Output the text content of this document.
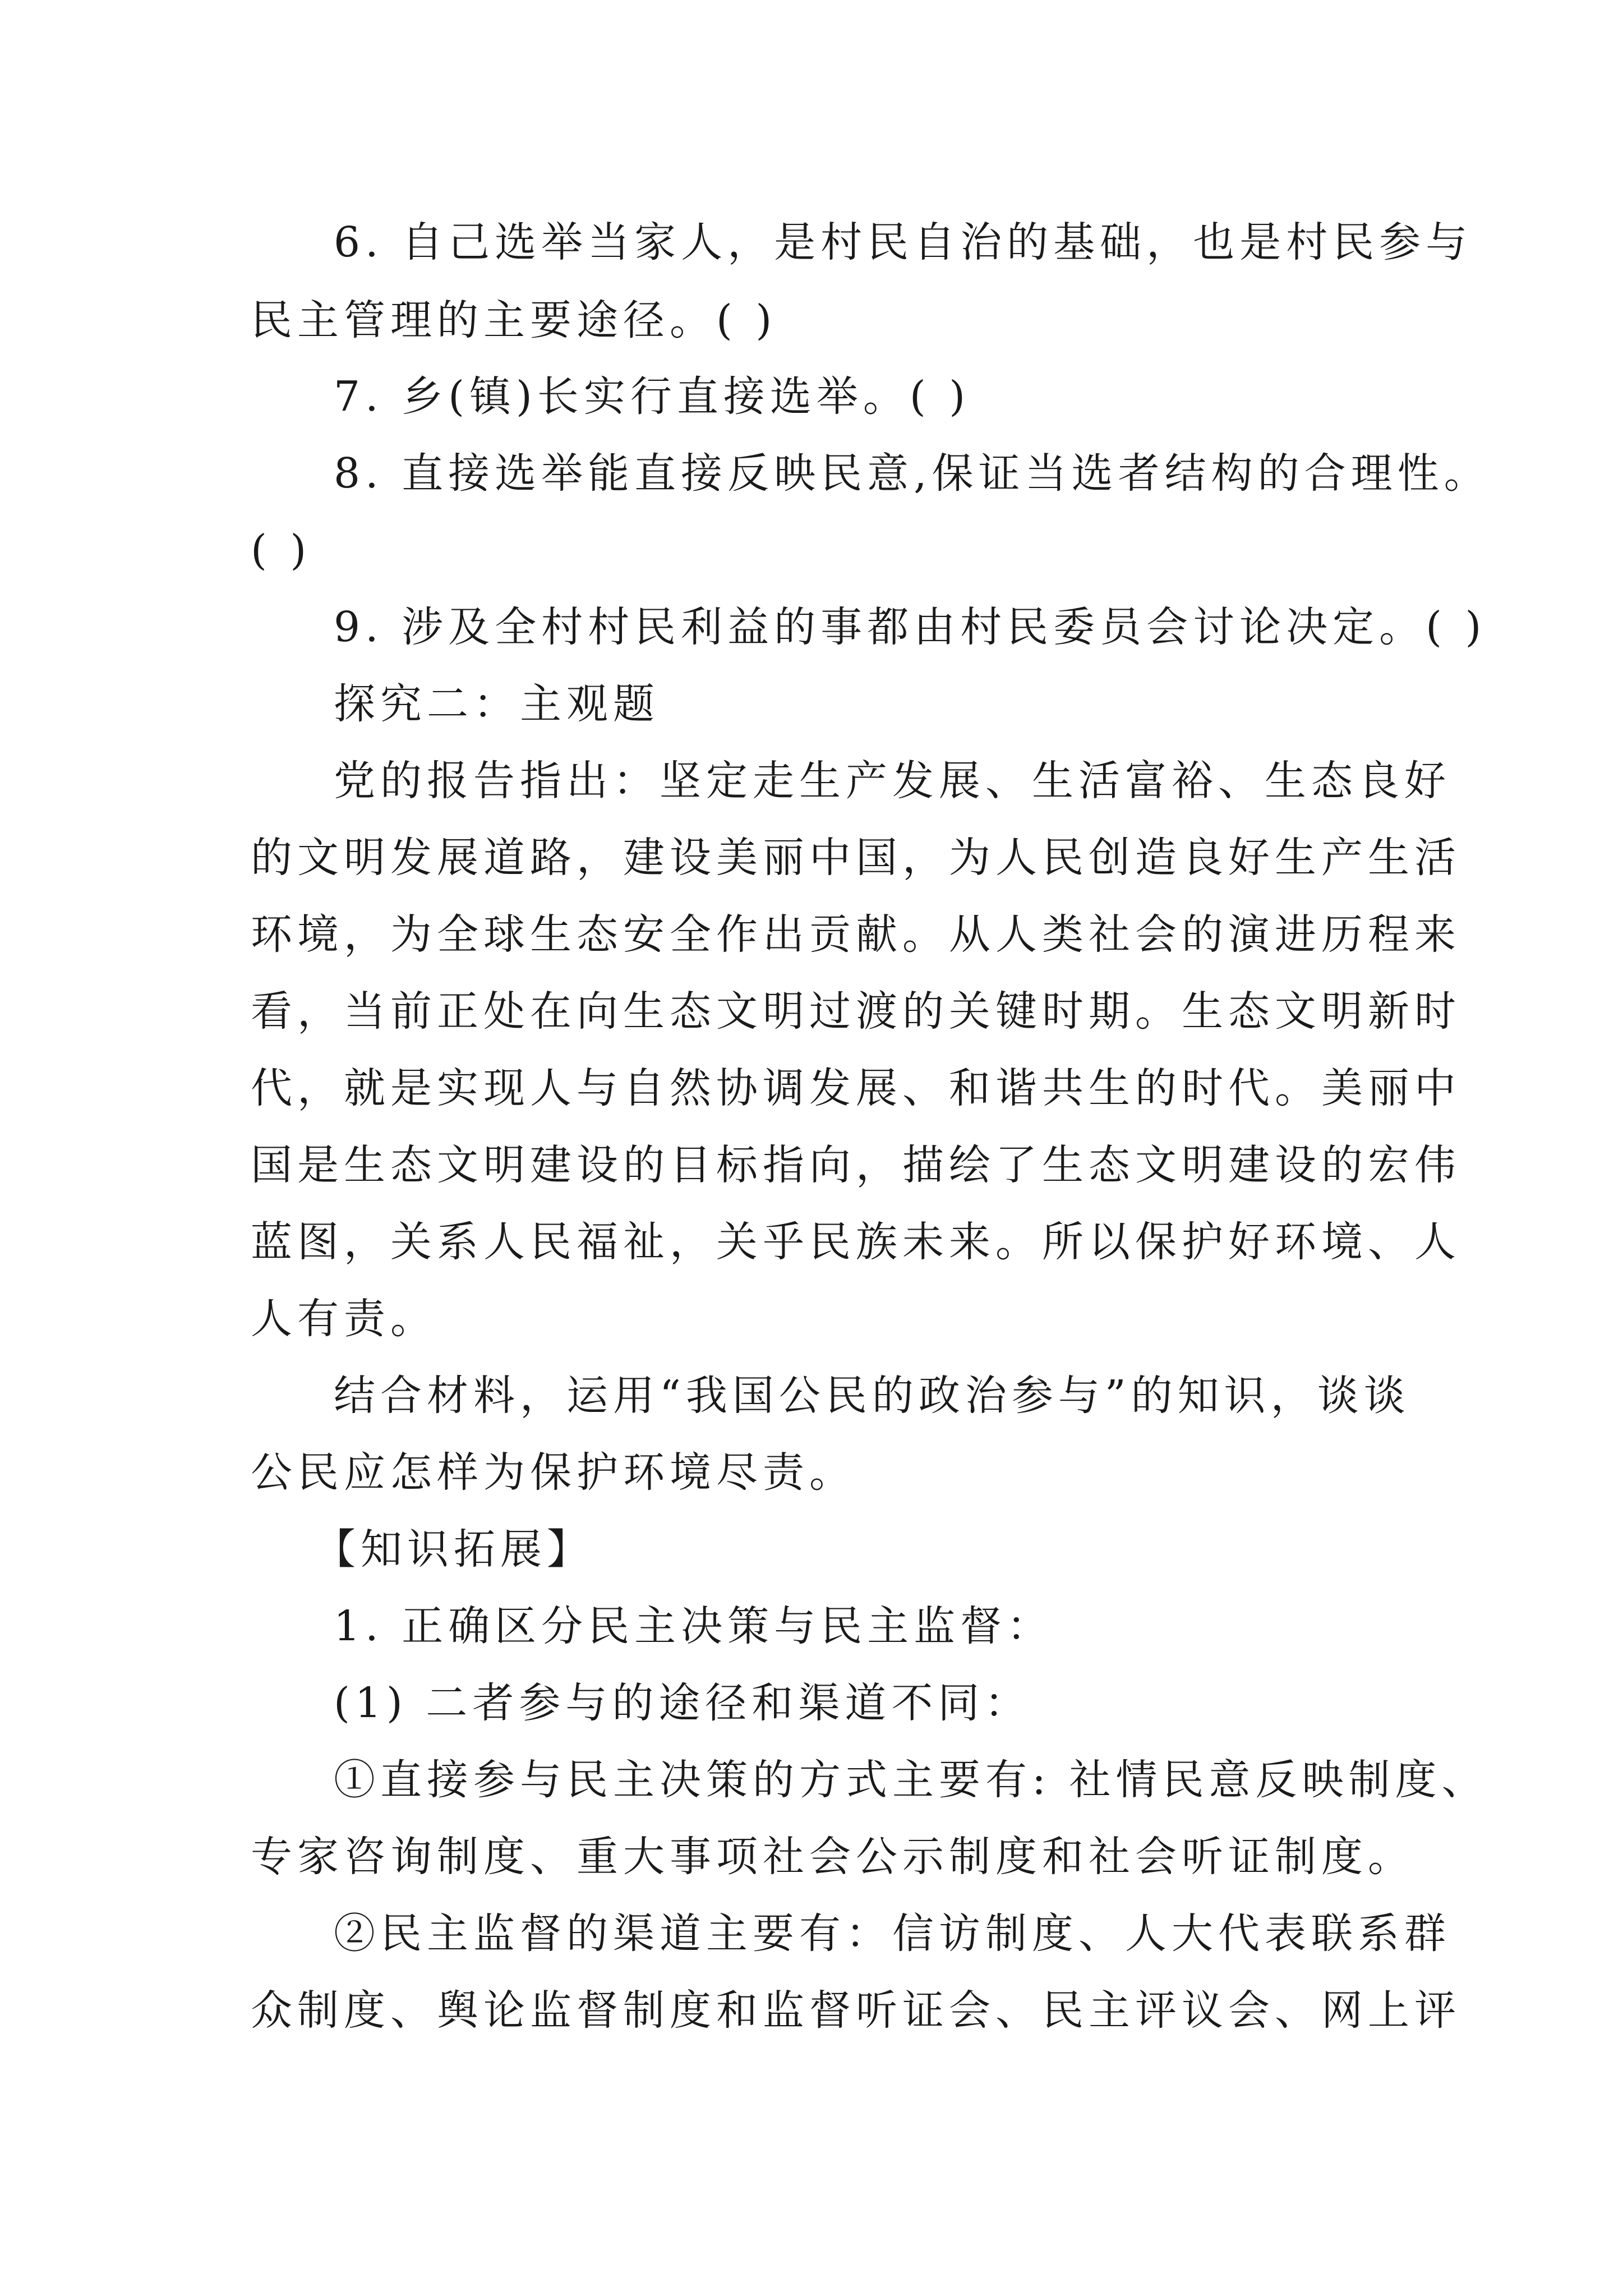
6. 自己选举当家人，是村民自治的基础，也是村民参与
民主管理的主要途径。( )
7. 乡(镇)长实行直接选举。( )
8. 直接选举能直接反映民意,保证当选者结构的合理性。
( )
9. 涉及全村村民利益的事都由村民委员会讨论决定。( )
探究二：主观题
党的报告指出：坚定走生产发展、生活富裕、生态良好
的文明发展道路，建设美丽中国，为人民创造良好生产生活
环境，为全球生态安全作出贡献。从人类社会的演进历程来
看，当前正处在向生态文明过渡的关键时期。生态文明新时
代，就是实现人与自然协调发展、和谐共生的时代。美丽中
国是生态文明建设的目标指向，描绘了生态文明建设的宏伟
蓝图，关系人民福祉，关乎民族未来。所以保护好环境、人
人有责。
结合材料，运用“我国公民的政治参与”的知识，谈谈
公民应怎样为保护环境尽责。
【知识拓展】
1. 正确区分民主决策与民主监督：
(1) 二者参与的途径和渠道不同：
①直接参与民主决策的方式主要有: 社情民意反映制度、
专家咨询制度、重大事项社会公示制度和社会听证制度。
②民主监督的渠道主要有：信访制度、人大代表联系群
众制度、舆论监督制度和监督听证会、民主评议会、网上评
